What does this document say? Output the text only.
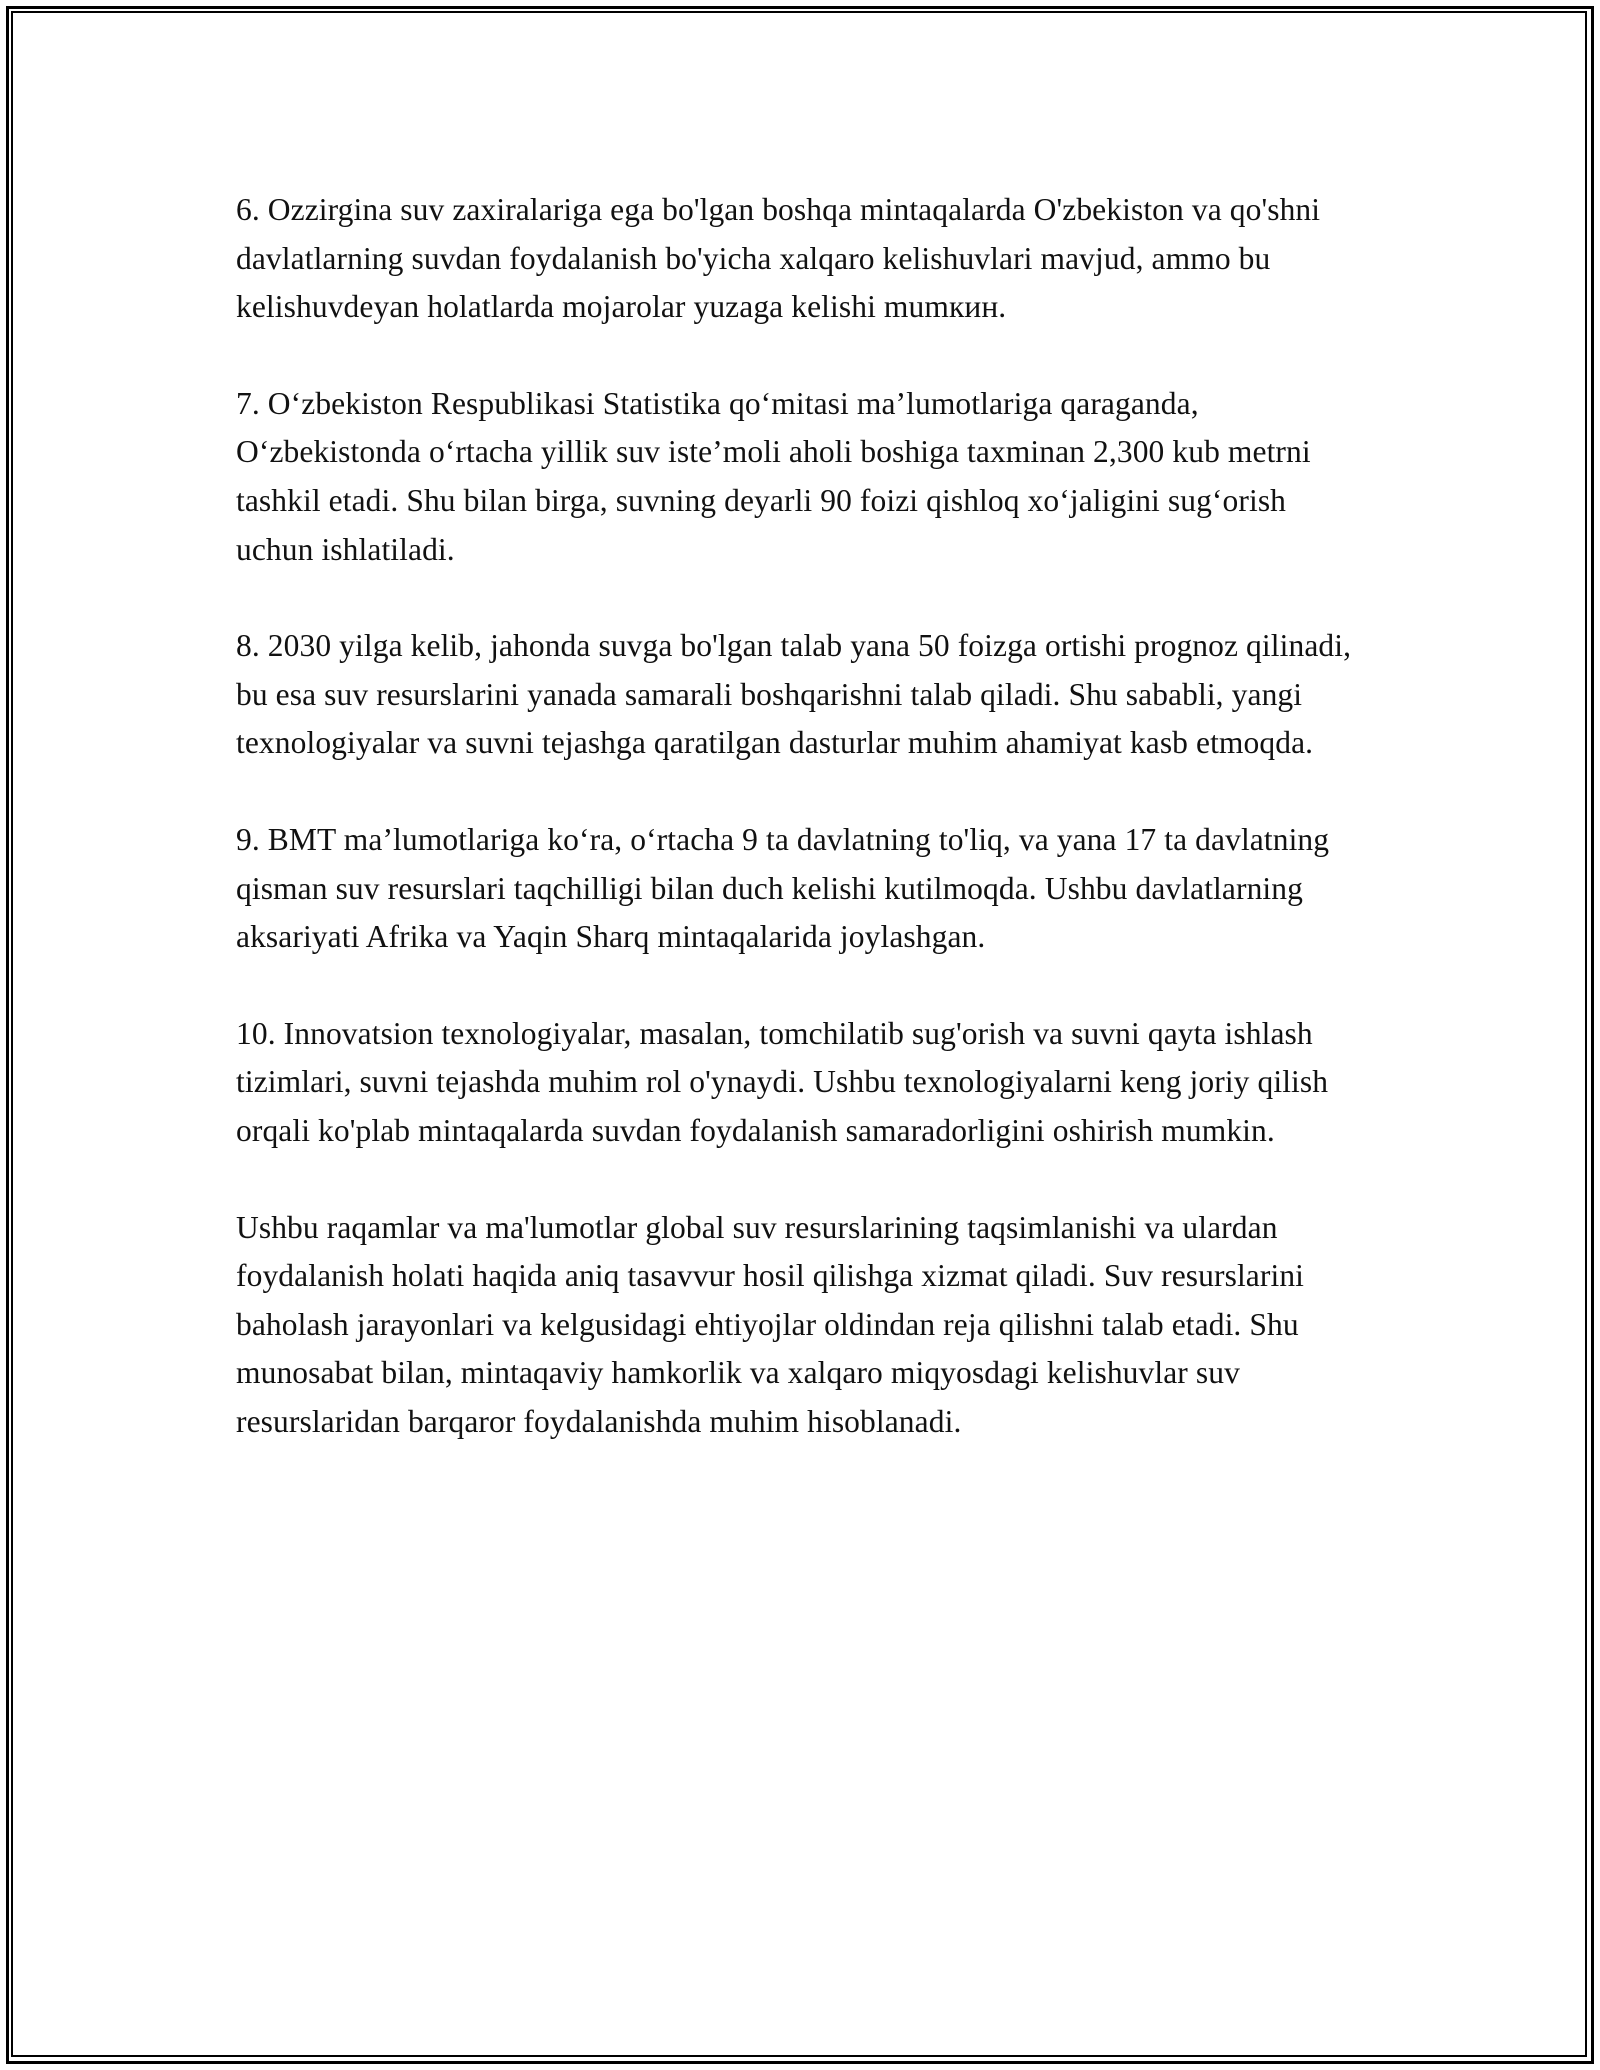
6. Ozzirgina suv zaxiralariga ega bo'lgan boshqa mintaqalarda O'zbekiston va qo'shni davlatlarning suvdan foydalanish bo'yicha xalqaro kelishuvlari mavjud, ammo bu kelishuvdeyan holatlarda mojarolar yuzaga kelishi mumкин.

7. O‘zbekiston Respublikasi Statistika qo‘mitasi ma’lumotlariga qaraganda, O‘zbekistonda o‘rtacha yillik suv iste’moli aholi boshiga taxminan 2,300 kub metrni tashkil etadi. Shu bilan birga, suvning deyarli 90 foizi qishloq xo‘jaligini sug‘orish uchun ishlatiladi.

8. 2030 yilga kelib, jahonda suvga bo'lgan talab yana 50 foizga ortishi prognoz qilinadi, bu esa suv resurslarini yanada samarali boshqarishni talab qiladi. Shu sababli, yangi texnologiyalar va suvni tejashga qaratilgan dasturlar muhim ahamiyat kasb etmoqda.

9. BMT ma’lumotlariga ko‘ra, o‘rtacha 9 ta davlatning to'liq, va yana 17 ta davlatning qisman suv resurslari taqchilligi bilan duch kelishi kutilmoqda. Ushbu davlatlarning aksariyati Afrika va Yaqin Sharq mintaqalarida joylashgan.

10. Innovatsion texnologiyalar, masalan, tomchilatib sug'orish va suvni qayta ishlash tizimlari, suvni tejashda muhim rol o'ynaydi. Ushbu texnologiyalarni keng joriy qilish orqali ko'plab mintaqalarda suvdan foydalanish samaradorligini oshirish mumkin.

Ushbu raqamlar va ma'lumotlar global suv resurslarining taqsimlanishi va ulardan foydalanish holati haqida aniq tasavvur hosil qilishga xizmat qiladi. Suv resurslarini baholash jarayonlari va kelgusidagi ehtiyojlar oldindan reja qilishni talab etadi. Shu munosabat bilan, mintaqaviy hamkorlik va xalqaro miqyosdagi kelishuvlar suv resurslaridan barqaror foydalanishda muhim hisoblanadi.
